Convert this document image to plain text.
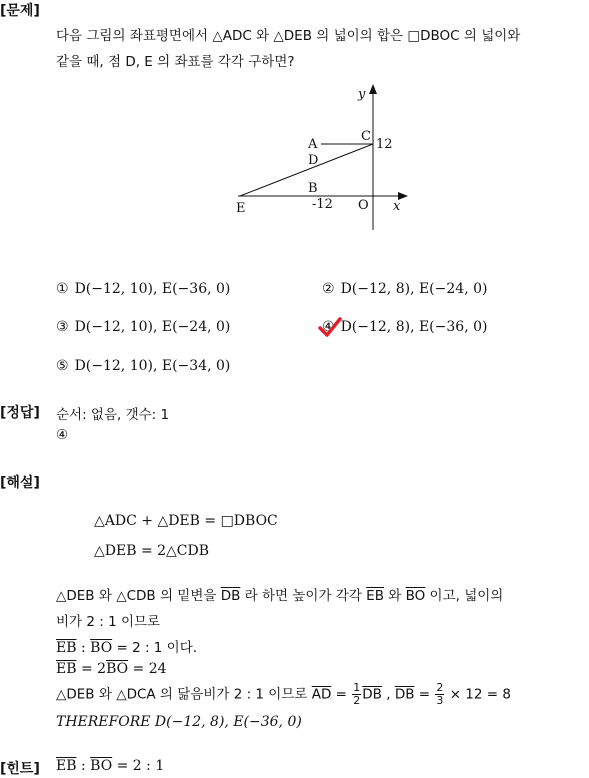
[문제]
다음 그림의 좌표평면에서 △ADC 와 △DEB 의 넓이의 합은 □DBOC 의 넓이와
같을 때, 점 D, E 의 좌표를 각각 구하면?
y
A
C
12
D
B
E	-12 O x
① D(−12, 10), E(−36, 0)	② D(−12, 8), E(−24, 0)
③ D(−12, 10), E(−24, 0)	④ D(−12, 8), E(−36, 0)
⑤ D(−12, 10), E(−34, 0)
[정답] 순서: 없음, 갯수: 1
④
[해설]
△ADC + △DEB = □DBOC
△DEB = 2△CDB
△DEB 와 △CDB 의 밑변을 $\overline{DB}$ 라 하면 높이가 각각 $\overline{EB}$ 와 $\overline{BO}$ 이고, 넓이의
비가 2 : 1 이므로
$\overline{EB}$ : $\overline{BO} = 2$ : 1 이다.
$\overline{EB} = 2\overline{BO} = 24$
△DEB 와 △DCA 의 닮음비가 2 : 1 이므로 $\overline{AD} = \frac{1}{2} \overline{DB}$ , $\overline{DB} = \frac{2}{3} \times 12 = 8$
THEREFORE D(−12, 8), E(−36, 0)
[힌트] $\overline{EB}$ : $\overline{BO} = 2$ : 1
